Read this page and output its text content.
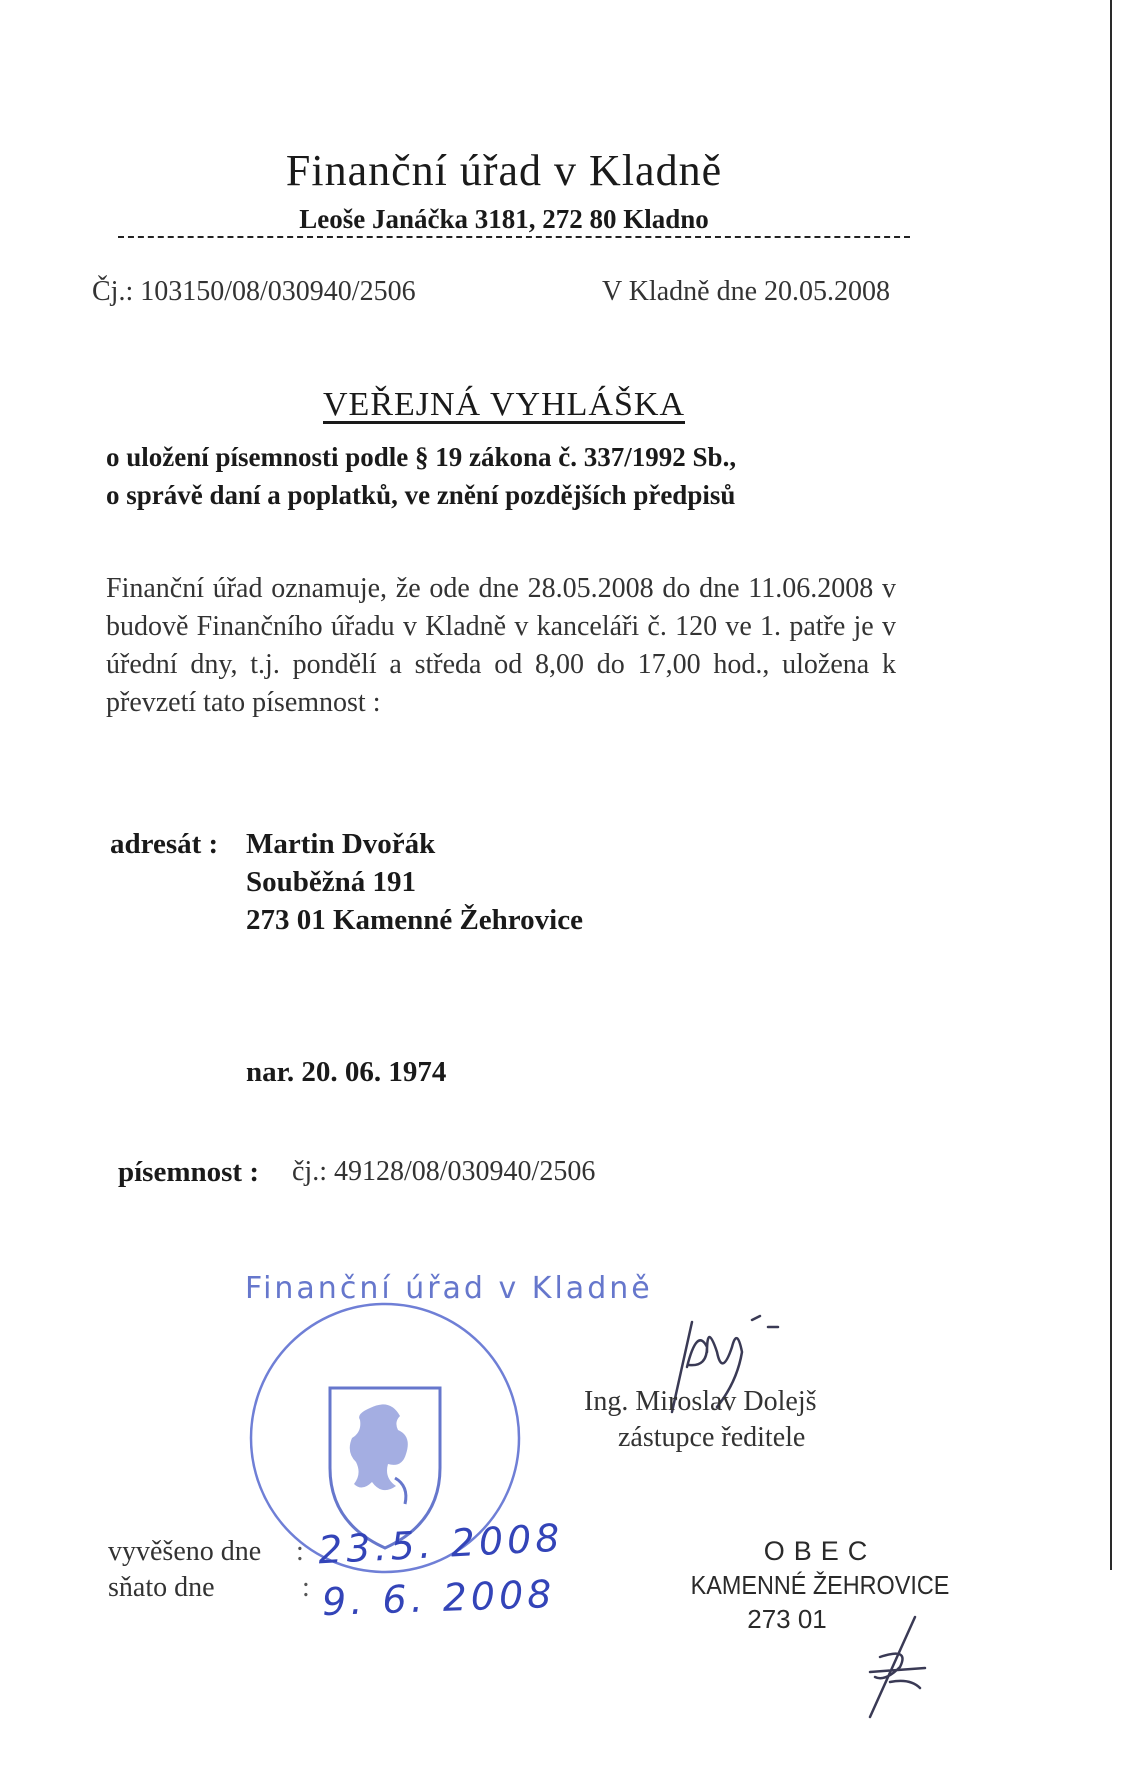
Finanční úřad v Kladně
Leoše Janáčka 3181, 272 80 Kladno
Čj.: 103150/08/030940/2506	V Kladně dne 20.05.2008
VEŘEJNÁ VYHLÁŠKA
o uložení písemnosti podle § 19 zákona č. 337/1992 Sb.,
o správě daní a poplatků, ve znění pozdějších předpisů
Finanční úřad oznamuje, že ode dne 28.05.2008 do dne 11.06.2008 v budově Finančního úřadu v Kladně v kanceláři č. 120 ve 1. patře je v úřední dny, t.j. pondělí a středa od 8,00 do 17,00 hod., uložena k převzetí tato písemnost :
adresát : Martin Dvořák
Souběžná 191
273 01 Kamenné Žehrovice
nar. 20. 06. 1974
písemnost : čj.: 49128/08/030940/2506
Finanční úřad v Kladně
Ing. Miroslav Dolejš
zástupce ředitele
vyvěšeno dne : 23.5. 2008
sňato dne	: 9. 6. 2008
OBEC
KAMENNÉ ŽEHROVICE
273 01
